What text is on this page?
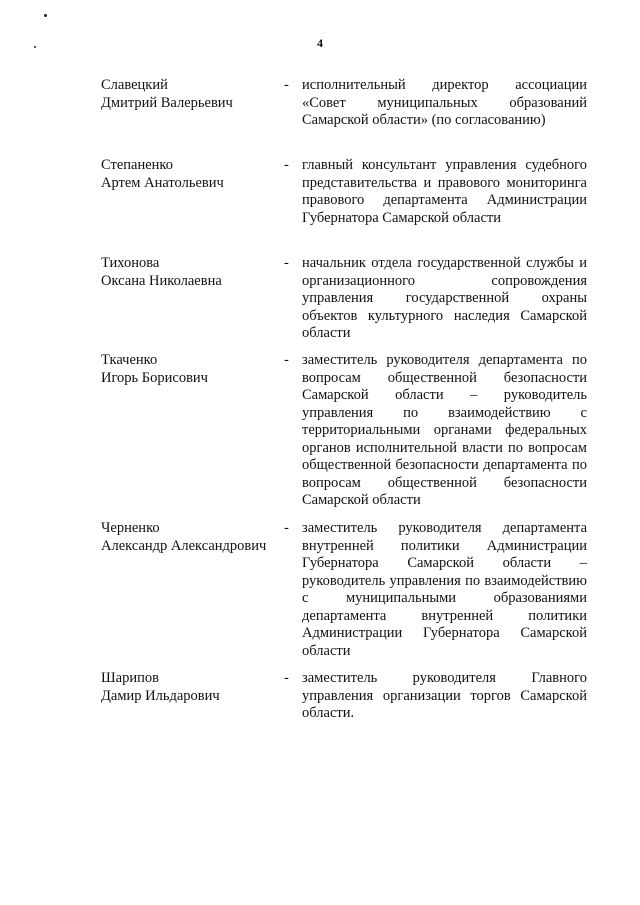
4
Славецкий
Дмитрий Валерьевич
- исполнительный директор ассоциации «Совет муниципальных образований Самарской области» (по согласованию)

Степаненко
Артем Анатольевич
- главный консультант управления судебного представительства и правового мониторинга правового департамента Администрации Губернатора Самарской области

Тихонова
Оксана Николаевна
- начальник отдела государственной службы и организационного сопровождения управления государственной охраны объектов культурного наследия Самарской области

Ткаченко
Игорь Борисович
- заместитель руководителя департамента по вопросам общественной безопасности Самарской области – руководитель управления по взаимодействию с территориальными органами федеральных органов исполнительной власти по вопросам общественной безопасности департамента по вопросам общественной безопасности Самарской области

Черненко
Александр Александрович
- заместитель руководителя департамента внутренней политики Администрации Губернатора Самарской области – руководитель управления по взаимодействию с муниципальными образованиями департамента внутренней политики Администрации Губернатора Самарской области

Шарипов
Дамир Ильдарович
- заместитель руководителя Главного управления организации торгов Самарской области.
